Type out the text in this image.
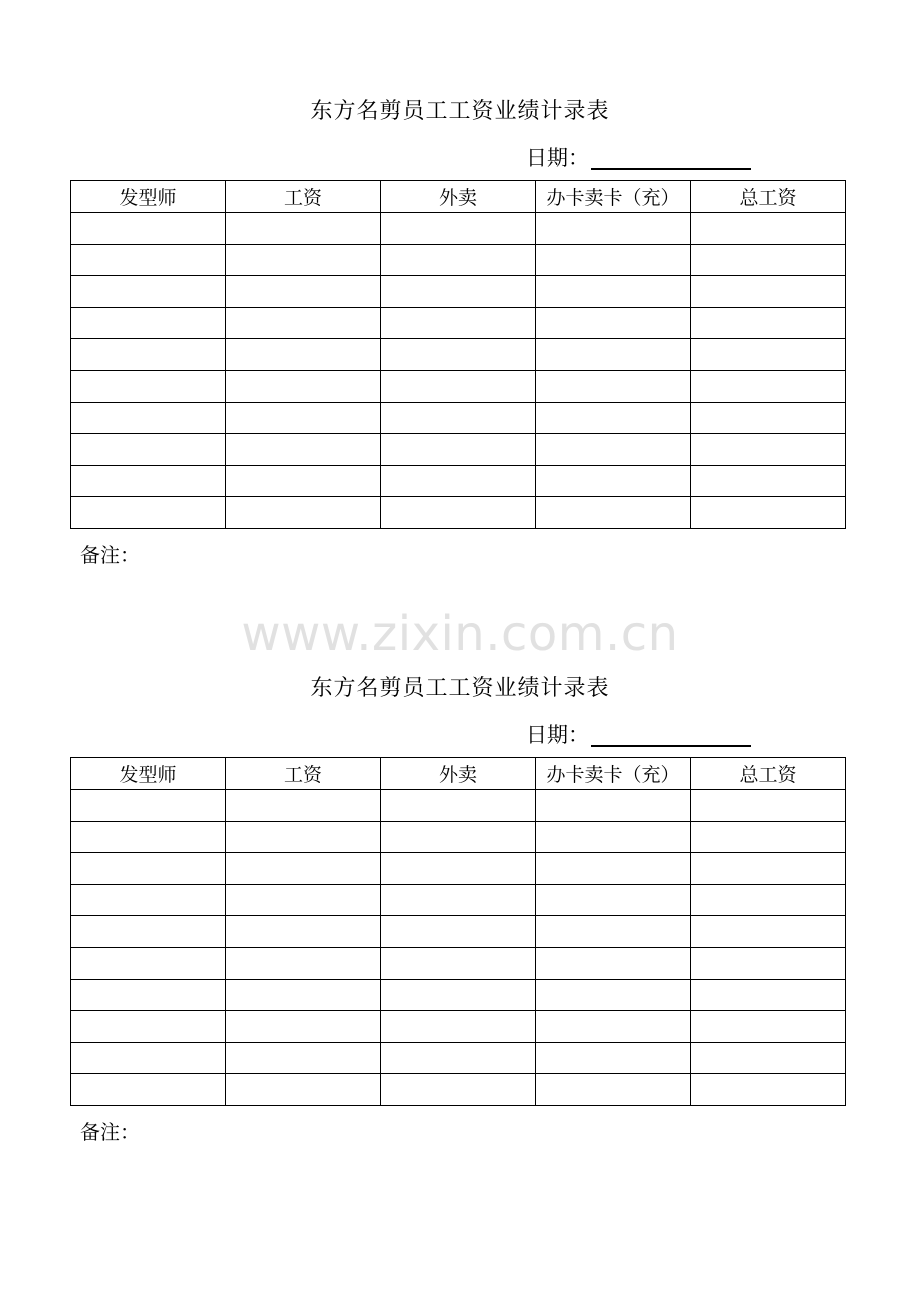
东方名剪员工工资业绩计录表
日期：
发型师	工资	外卖	办卡卖卡（充）	总工资

备注：
www.zixin.com.cn
东方名剪员工工资业绩计录表
日期：
发型师	工资	外卖	办卡卖卡（充）	总工资

备注：
